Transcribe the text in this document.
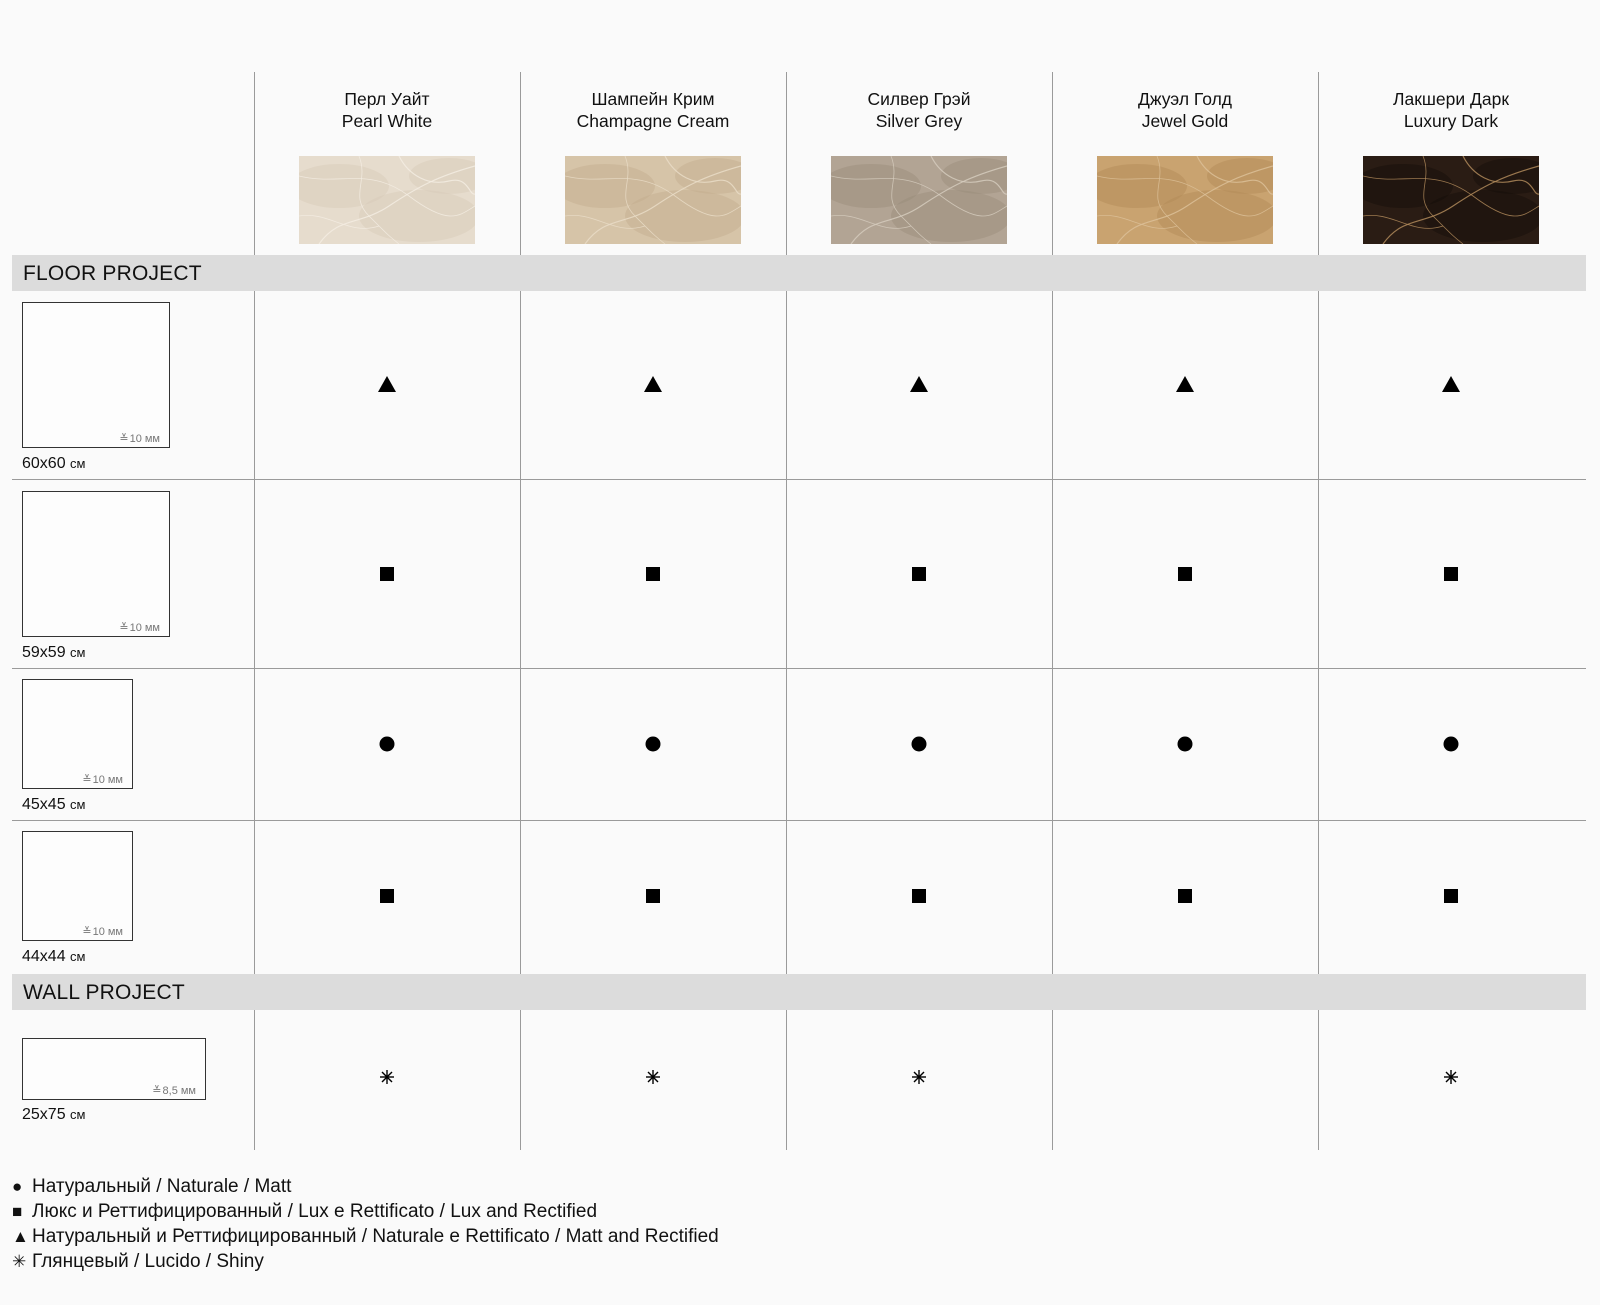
Перл Уайт
Pearl White
Шампейн Крим
Champagne Cream
Силвер Грэй
Silver Grey
Джуэл Голд
Jewel Gold
Лакшери Дарк
Luxury Dark
FLOOR PROJECT
WALL PROJECT
≚10 мм
60x60 см
≚10 мм
59x59 см
≚10 мм
45x45 см
≚10 мм
44x44 см
≚8,5 мм
25x75 см
● Натуральный / Naturale / Matt
■ Люкс и Реттифицированный / Lux e Rettificato / Lux and Rectified
▲ Натуральный и Реттифицированный / Naturale e Rettificato / Matt and Rectified
✳ Глянцевый / Lucido / Shiny
